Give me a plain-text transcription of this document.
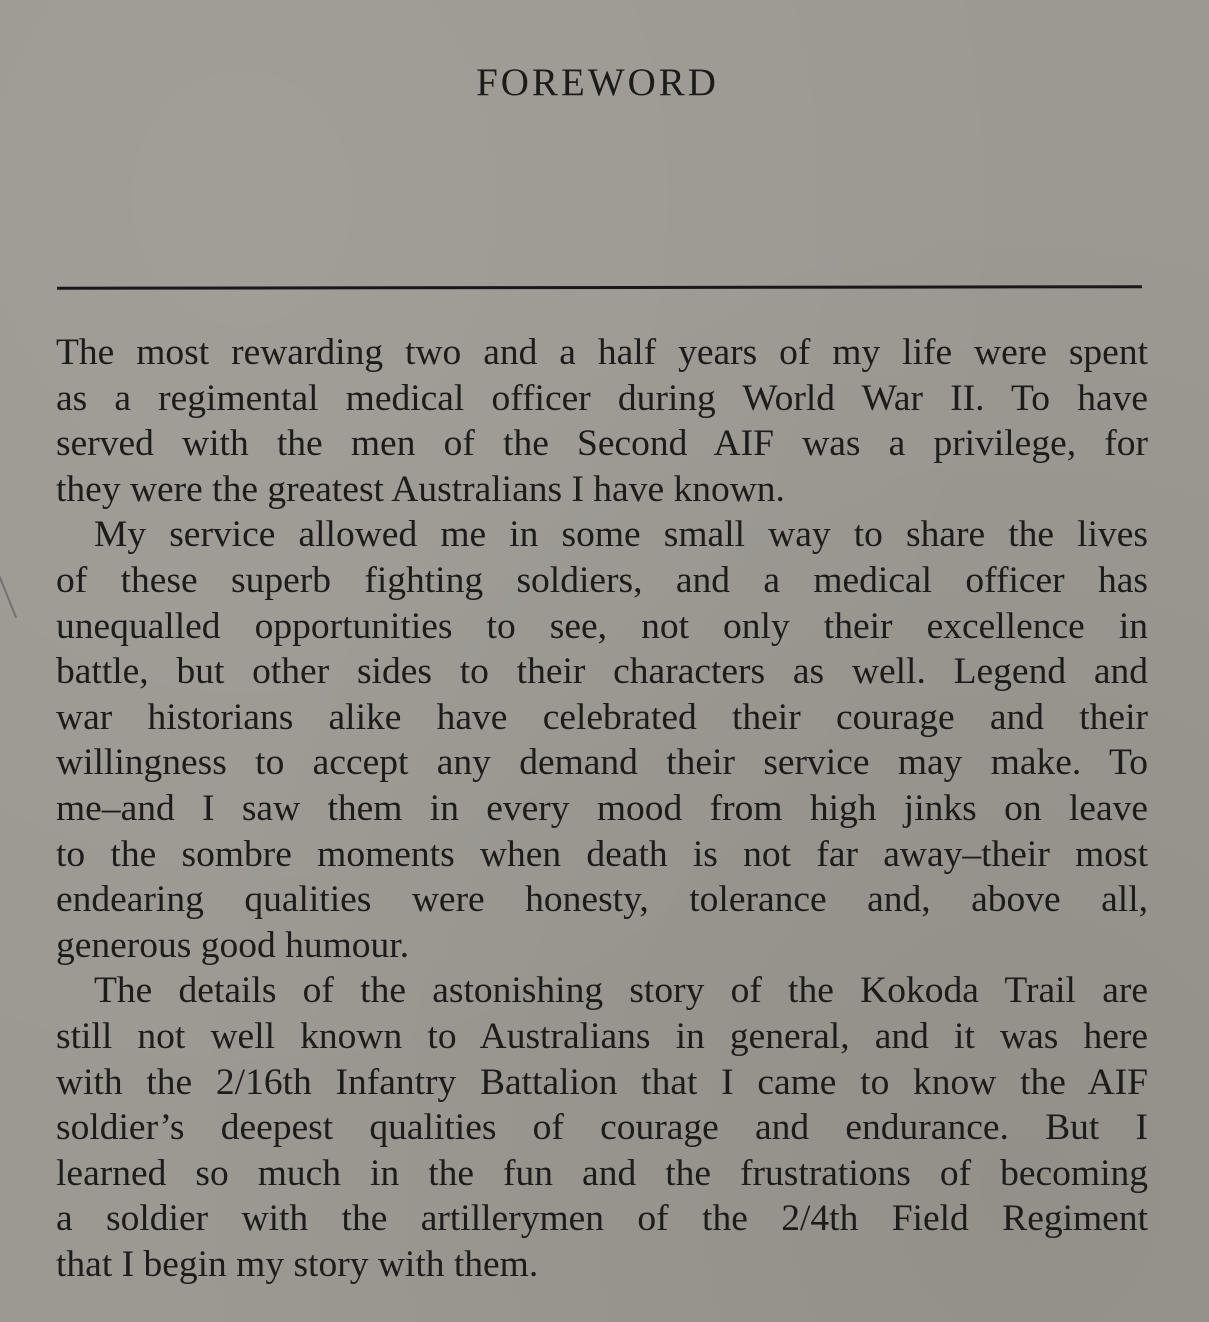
FOREWORD
The most rewarding two and a half years of my life were spent
as a regimental medical officer during World War II. To have
served with the men of the Second AIF was a privilege, for
they were the greatest Australians I have known.
My service allowed me in some small way to share the lives
of these superb fighting soldiers, and a medical officer has
unequalled opportunities to see, not only their excellence in
battle, but other sides to their characters as well. Legend and
war historians alike have celebrated their courage and their
willingness to accept any demand their service may make. To
me–and I saw them in every mood from high jinks on leave
to the sombre moments when death is not far away–their most
endearing qualities were honesty, tolerance and, above all,
generous good humour.
The details of the astonishing story of the Kokoda Trail are
still not well known to Australians in general, and it was here
with the 2/16th Infantry Battalion that I came to know the AIF
soldier’s deepest qualities of courage and endurance. But I
learned so much in the fun and the frustrations of becoming
a soldier with the artillerymen of the 2/4th Field Regiment
that I begin my story with them.
